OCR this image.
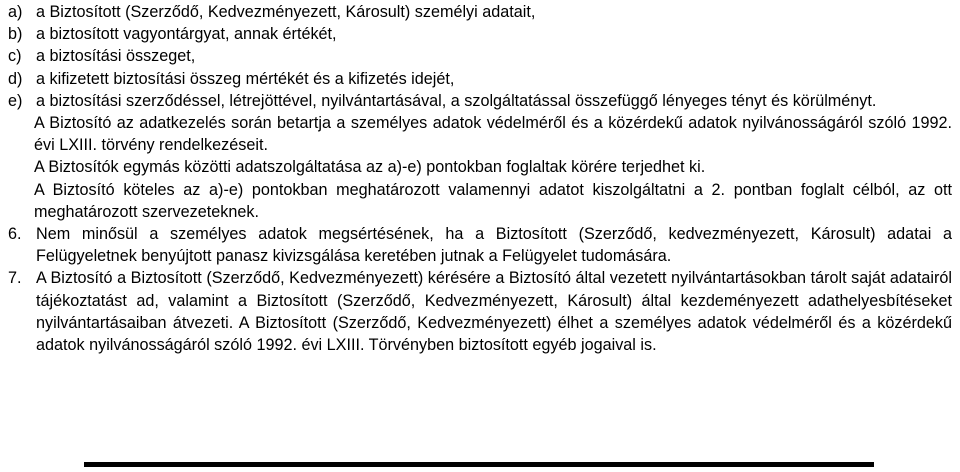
a) a Biztosított (Szerződő, Kedvezményezett, Károsult) személyi adatait,
b) a biztosított vagyontárgyat, annak értékét,
c) a biztosítási összeget,
d) a kifizetett biztosítási összeg mértékét és a kifizetés idejét,
e) a biztosítási szerződéssel, létrejöttével, nyilvántartásával, a szolgáltatással összefüggő lényeges tényt és körülményt.
A Biztosító az adatkezelés során betartja a személyes adatok védelméről és a közérdekű adatok nyilvánosságáról szóló 1992. évi LXIII. törvény rendelkezéseit.
A Biztosítók egymás közötti adatszolgáltatása az a)-e) pontokban foglaltak körére terjedhet ki.
A Biztosító köteles az a)-e) pontokban meghatározott valamennyi adatot kiszolgáltatni a 2. pontban foglalt célból, az ott meghatározott szervezeteknek.
6. Nem minősül a személyes adatok megsértésének, ha a Biztosított (Szerződő, kedvezményezett, Károsult) adatai a Felügyeletnek benyújtott panasz kivizsgálása keretében jutnak a Felügyelet tudomására.
7. A Biztosító a Biztosított (Szerződő, Kedvezményezett) kérésére a Biztosító által vezetett nyilvántartásokban tárolt saját adatairól tájékoztatást ad, valamint a Biztosított (Szerződő, Kedvezményezett, Károsult) által kezdeményezett adathelyesbítéseket nyilvántartásaiban átvezeti. A Biztosított (Szerződő, Kedvezményezett) élhet a személyes adatok védelméről és a közérdekű adatok nyilvánosságáról szóló 1992. évi LXIII. Törvényben biztosított egyéb jogaival is.
